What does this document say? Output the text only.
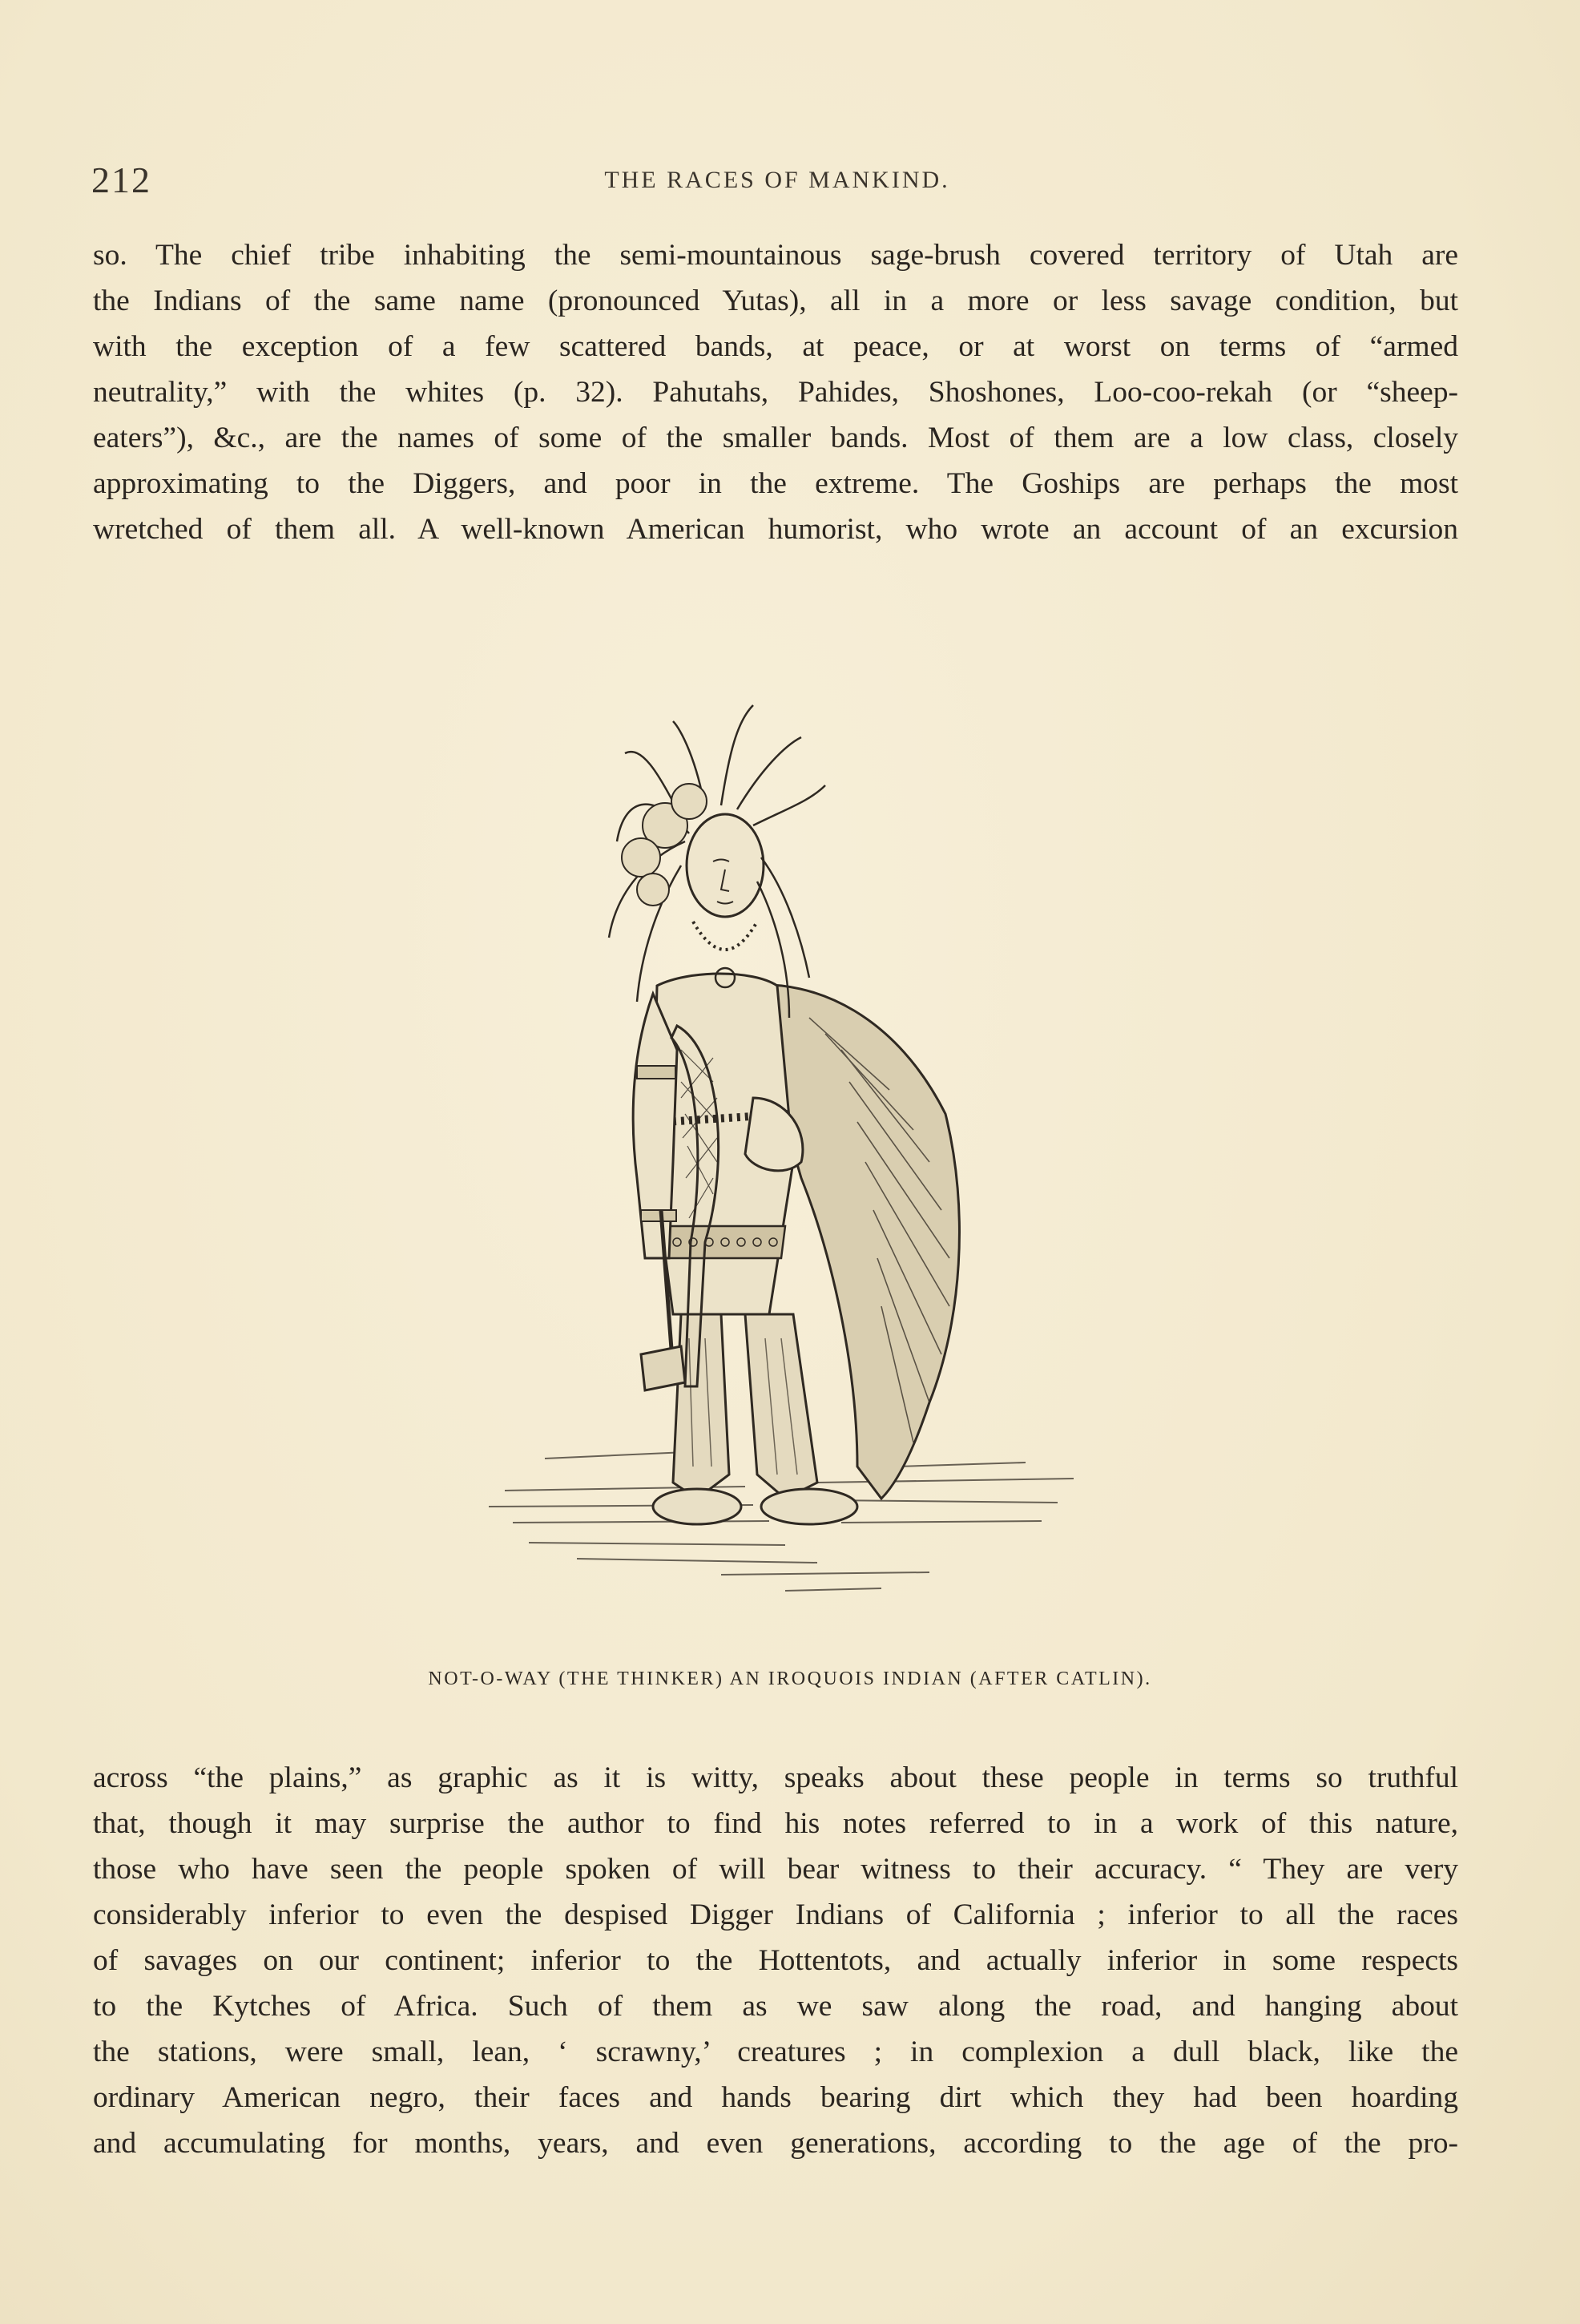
212	THE RACES OF MANKIND.
so. The chief tribe inhabiting the semi-mountainous sage-brush covered territory of Utah are
the Indians of the same name (pronounced Yutas), all in a more or less savage condition, but
with the exception of a few scattered bands, at peace, or at worst on terms of “armed
neutrality,” with the whites (p. 32). Pahutahs, Pahides, Shoshones, Loo-coo-rekah (or “sheep-
eaters”), &c., are the names of some of the smaller bands. Most of them are a low class, closely
approximating to the Diggers, and poor in the extreme. The Goships are perhaps the most
wretched of them all. A well-known American humorist, who wrote an account of an excursion
NOT-O-WAY (THE THINKER) AN IROQUOIS INDIAN (AFTER CATLIN).
across “the plains,” as graphic as it is witty, speaks about these people in terms so truthful
that, though it may surprise the author to find his notes referred to in a work of this nature,
those who have seen the people spoken of will bear witness to their accuracy. “ They are very
considerably inferior to even the despised Digger Indians of California ; inferior to all the races
of savages on our continent; inferior to the Hottentots, and actually inferior in some respects
to the Kytches of Africa. Such of them as we saw along the road, and hanging about
the stations, were small, lean, ‘ scrawny,’ creatures ; in complexion a dull black, like the
ordinary American negro, their faces and hands bearing dirt which they had been hoarding
and accumulating for months, years, and even generations, according to the age of the pro-
